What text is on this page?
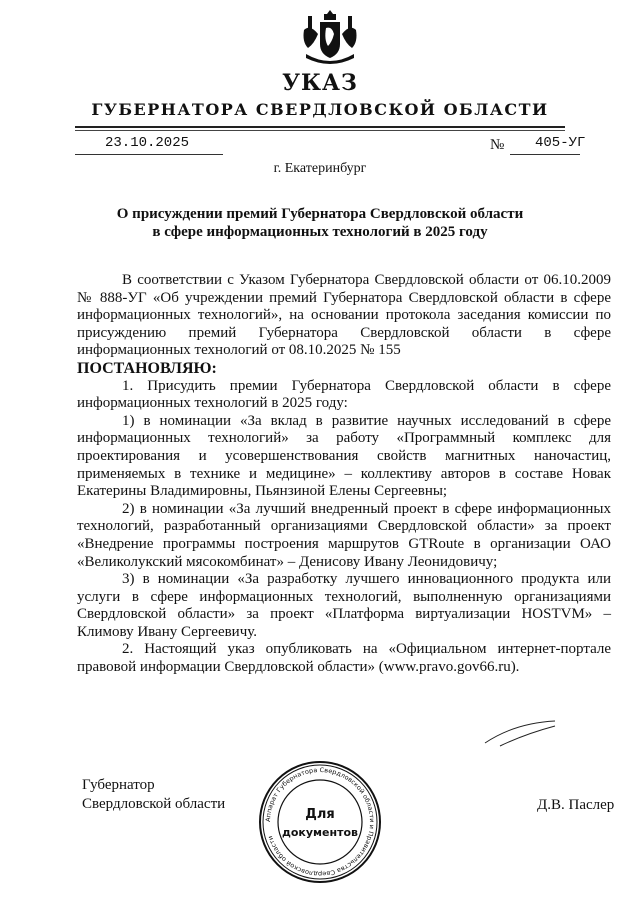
УКАЗ
ГУБЕРНАТОРА СВЕРДЛОВСКОЙ ОБЛАСТИ
23.10.2025	№ 405-УГ
г. Екатеринбург
О присуждении премий Губернатора Свердловской области
в сфере информационных технологий в 2025 году

В соответствии с Указом Губернатора Свердловской области от 06.10.2009 № 888-УГ «Об учреждении премий Губернатора Свердловской области в сфере информационных технологий», на основании протокола заседания комиссии по присуждению премий Губернатора Свердловской области в сфере информационных технологий от 08.10.2025 № 155

ПОСТАНОВЛЯЮ:

1. Присудить премии Губернатора Свердловской области в сфере информационных технологий в 2025 году:

1) в номинации «За вклад в развитие научных исследований в сфере информационных технологий» за работу «Программный комплекс для проектирования и усовершенствования свойств магнитных наночастиц, применяемых в технике и медицине» – коллективу авторов в составе Новак Екатерины Владимировны, Пьянзиной Елены Сергеевны;

2) в номинации «За лучший внедренный проект в сфере информационных технологий, разработанный организациями Свердловской области» за проект «Внедрение программы построения маршрутов GTRoute в организации ОАО «Великолукский мясокомбинат» – Денисову Ивану Леонидовичу;

3) в номинации «За разработку лучшего инновационного продукта или услуги в сфере информационных технологий, выполненную организациями Свердловской области» за проект «Платформа виртуализации HOSTVM» – Климову Ивану Сергеевичу.

2. Настоящий указ опубликовать на «Официальном интернет-портале правовой информации Свердловской области» (www.pravo.gov66.ru).

Губернатор
Свердловской области	Д.В. Паслер
Аппарат Губернатора Свердловской области и Правительства Свердловской области
Для
документов
